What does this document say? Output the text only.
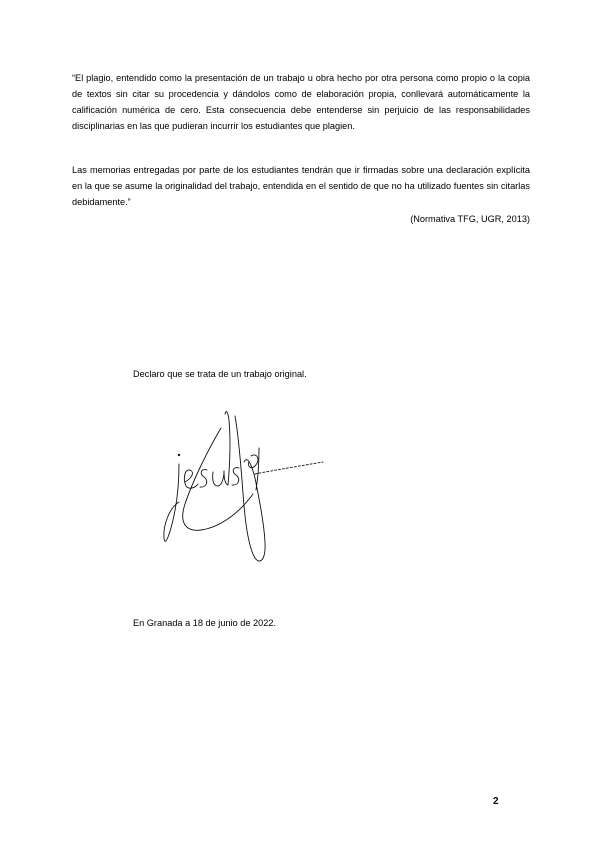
“El plagio, entendido como la presentación de un trabajo u obra hecho por otra persona como propio o la copia de textos sin citar su procedencia y dándolos como de elaboración propia, conllevará automáticamente la calificación numérica de cero. Esta consecuencia debe entenderse sin perjuicio de las responsabilidades disciplinarias en las que pudieran incurrir los estudiantes que plagien.

Las memorias entregadas por parte de los estudiantes tendrán que ir firmadas sobre una declaración explícita en la que se asume la originalidad del trabajo, entendida en el sentido de que no ha utilizado fuentes sin citarlas debidamente.”

(Normativa TFG, UGR, 2013)

Declaro que se trata de un trabajo original.

En Granada a 18 de junio de 2022.

2
